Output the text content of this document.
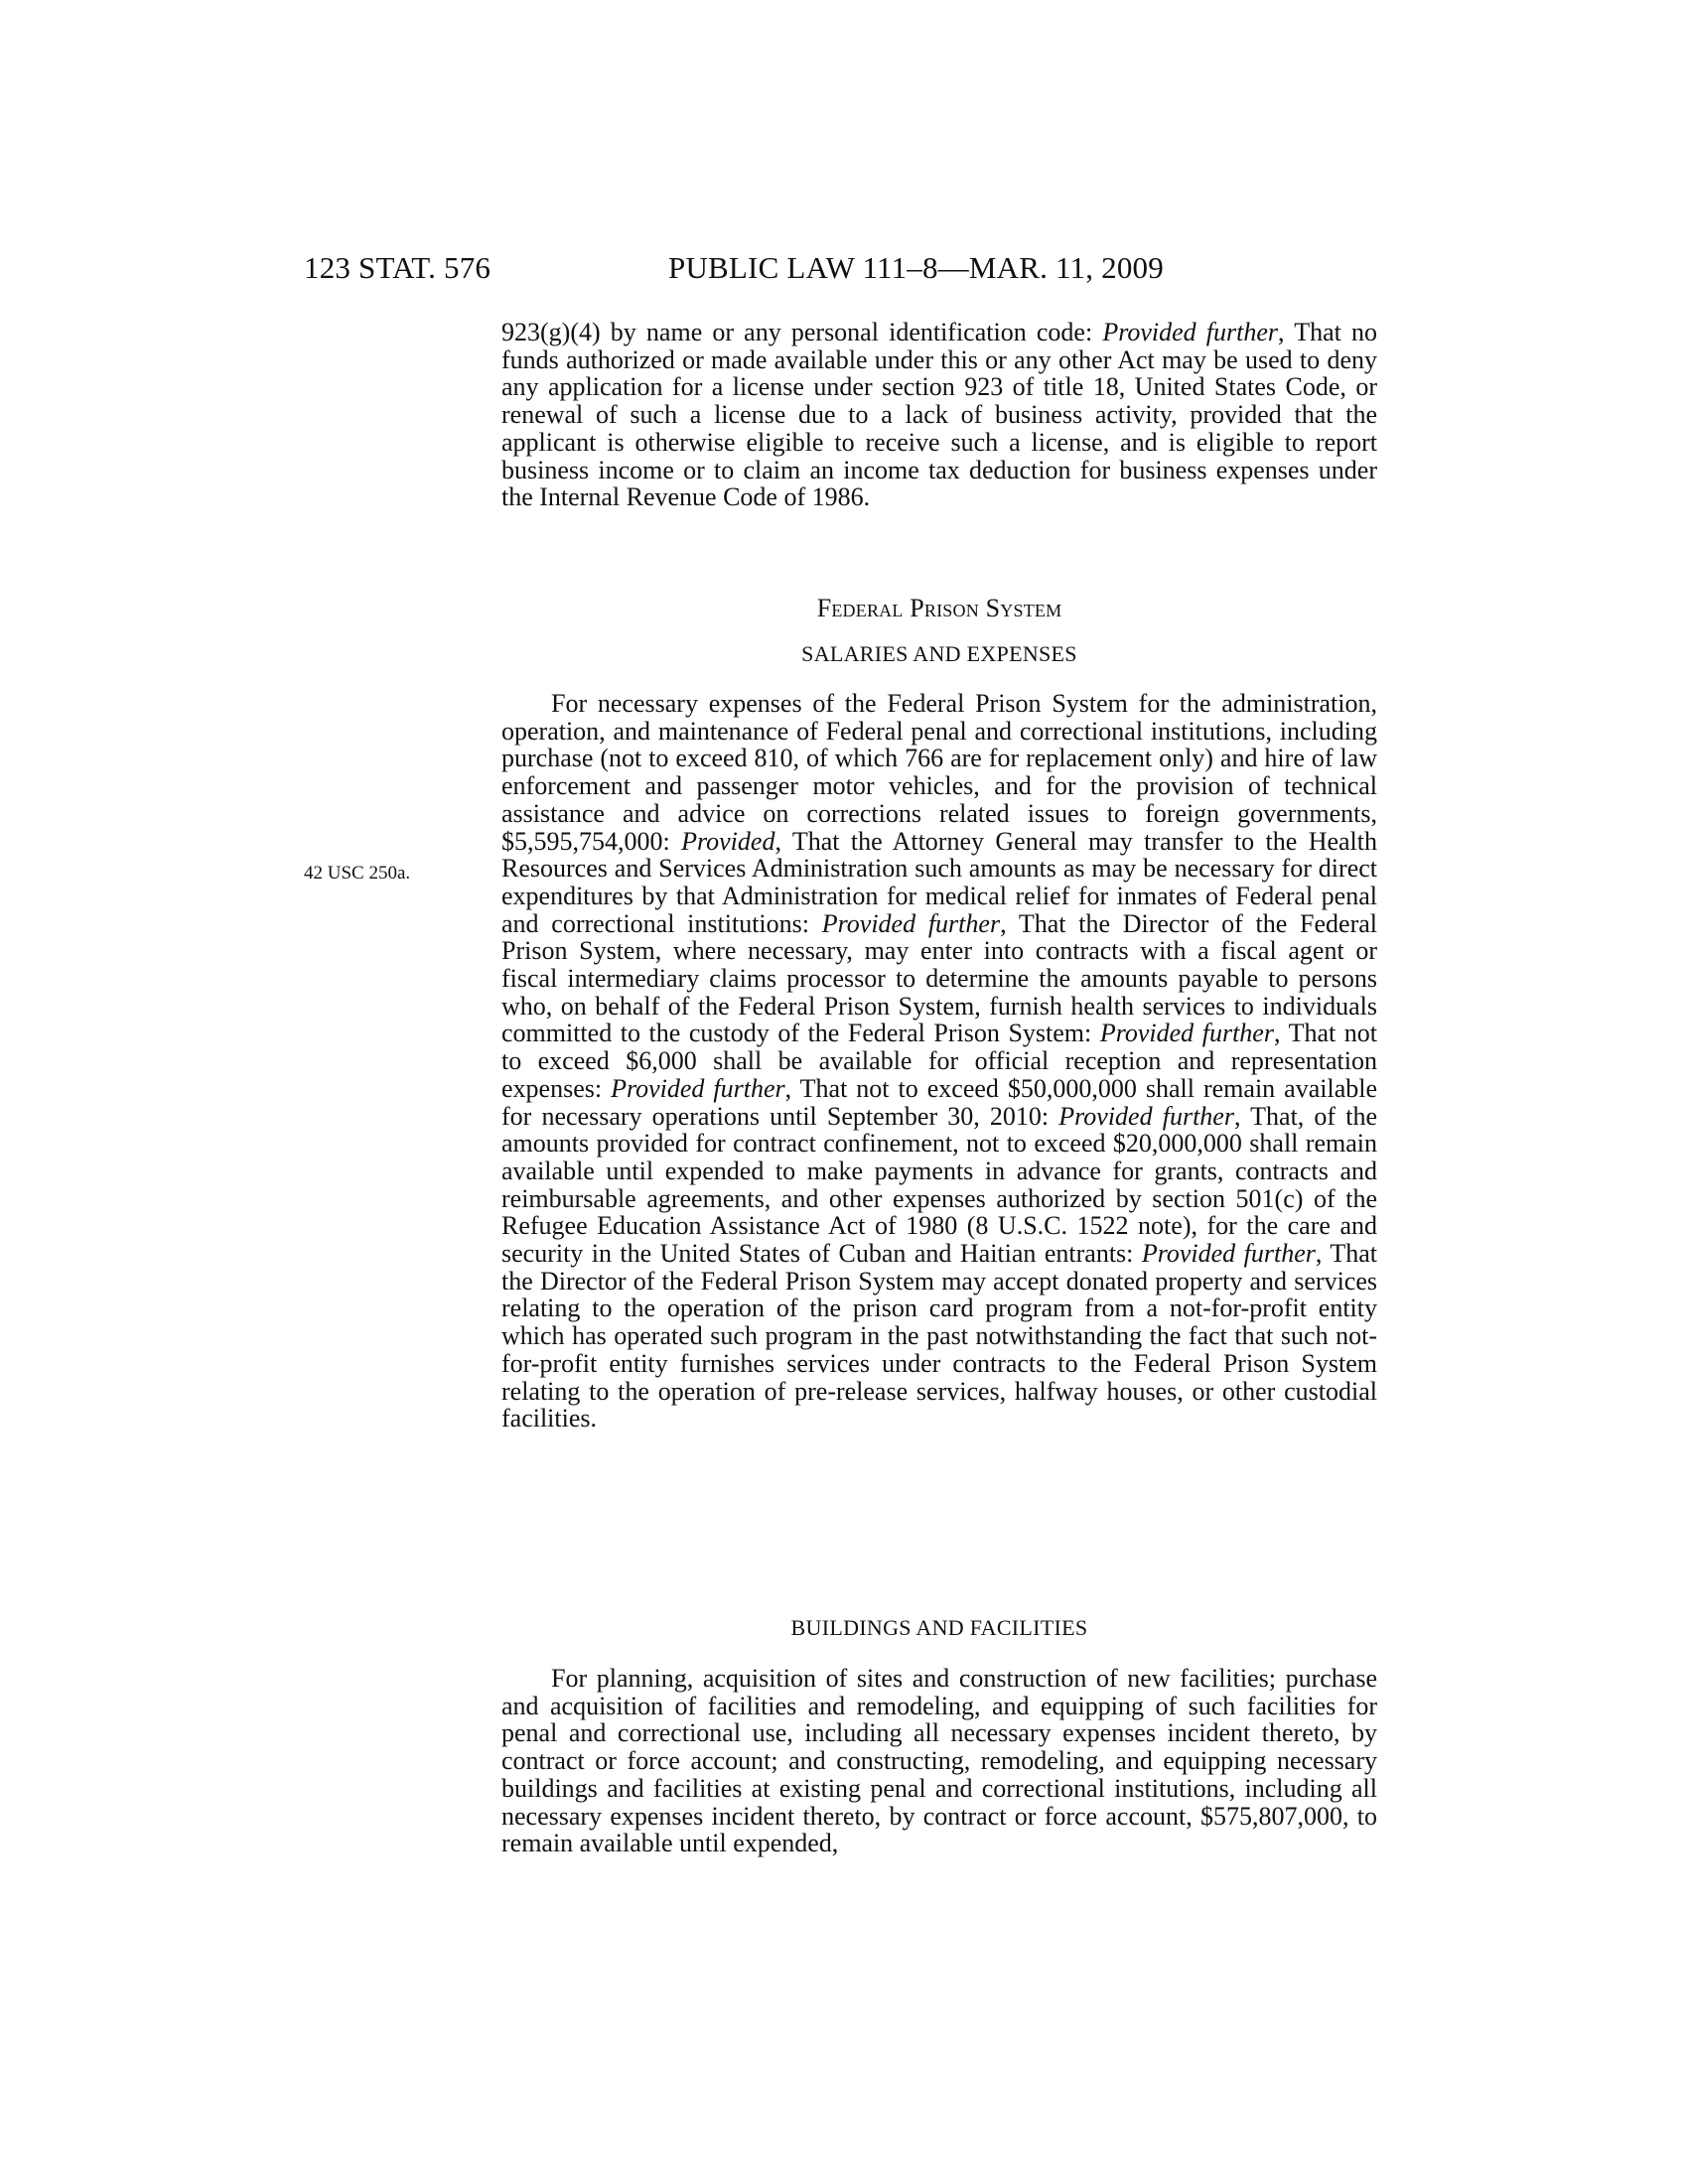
123 STAT. 576	PUBLIC LAW 111–8—MAR. 11, 2009

923(g)(4) by name or any personal identification code: Provided further, That no funds authorized or made available under this or any other Act may be used to deny any application for a license under section 923 of title 18, United States Code, or renewal of such a license due to a lack of business activity, provided that the applicant is otherwise eligible to receive such a license, and is eligible to report business income or to claim an income tax deduction for business expenses under the Internal Revenue Code of 1986.

Federal Prison System
SALARIES AND EXPENSES
42 USC 250a.

For necessary expenses of the Federal Prison System for the administration, operation, and maintenance of Federal penal and correctional institutions, including purchase (not to exceed 810, of which 766 are for replacement only) and hire of law enforcement and passenger motor vehicles, and for the provision of technical assistance and advice on corrections related issues to foreign governments, $5,595,754,000: Provided, That the Attorney General may transfer to the Health Resources and Services Administration such amounts as may be necessary for direct expenditures by that Administration for medical relief for inmates of Federal penal and correctional institutions: Provided further, That the Director of the Federal Prison System, where necessary, may enter into contracts with a fiscal agent or fiscal intermediary claims processor to determine the amounts payable to persons who, on behalf of the Federal Prison System, furnish health services to individuals committed to the custody of the Federal Prison System: Provided further, That not to exceed $6,000 shall be available for official reception and representation expenses: Provided further, That not to exceed $50,000,000 shall remain available for necessary operations until September 30, 2010: Provided further, That, of the amounts provided for contract confinement, not to exceed $20,000,000 shall remain available until expended to make payments in advance for grants, contracts and reimbursable agreements, and other expenses authorized by section 501(c) of the Refugee Education Assistance Act of 1980 (8 U.S.C. 1522 note), for the care and security in the United States of Cuban and Haitian entrants: Provided further, That the Director of the Federal Prison System may accept donated property and services relating to the operation of the prison card program from a not-for-profit entity which has operated such program in the past notwithstanding the fact that such not-for-profit entity furnishes services under contracts to the Federal Prison System relating to the operation of pre-release services, halfway houses, or other custodial facilities.

BUILDINGS AND FACILITIES

For planning, acquisition of sites and construction of new facilities; purchase and acquisition of facilities and remodeling, and equipping of such facilities for penal and correctional use, including all necessary expenses incident thereto, by contract or force account; and constructing, remodeling, and equipping necessary buildings and facilities at existing penal and correctional institutions, including all necessary expenses incident thereto, by contract or force account, $575,807,000, to remain available until expended,
